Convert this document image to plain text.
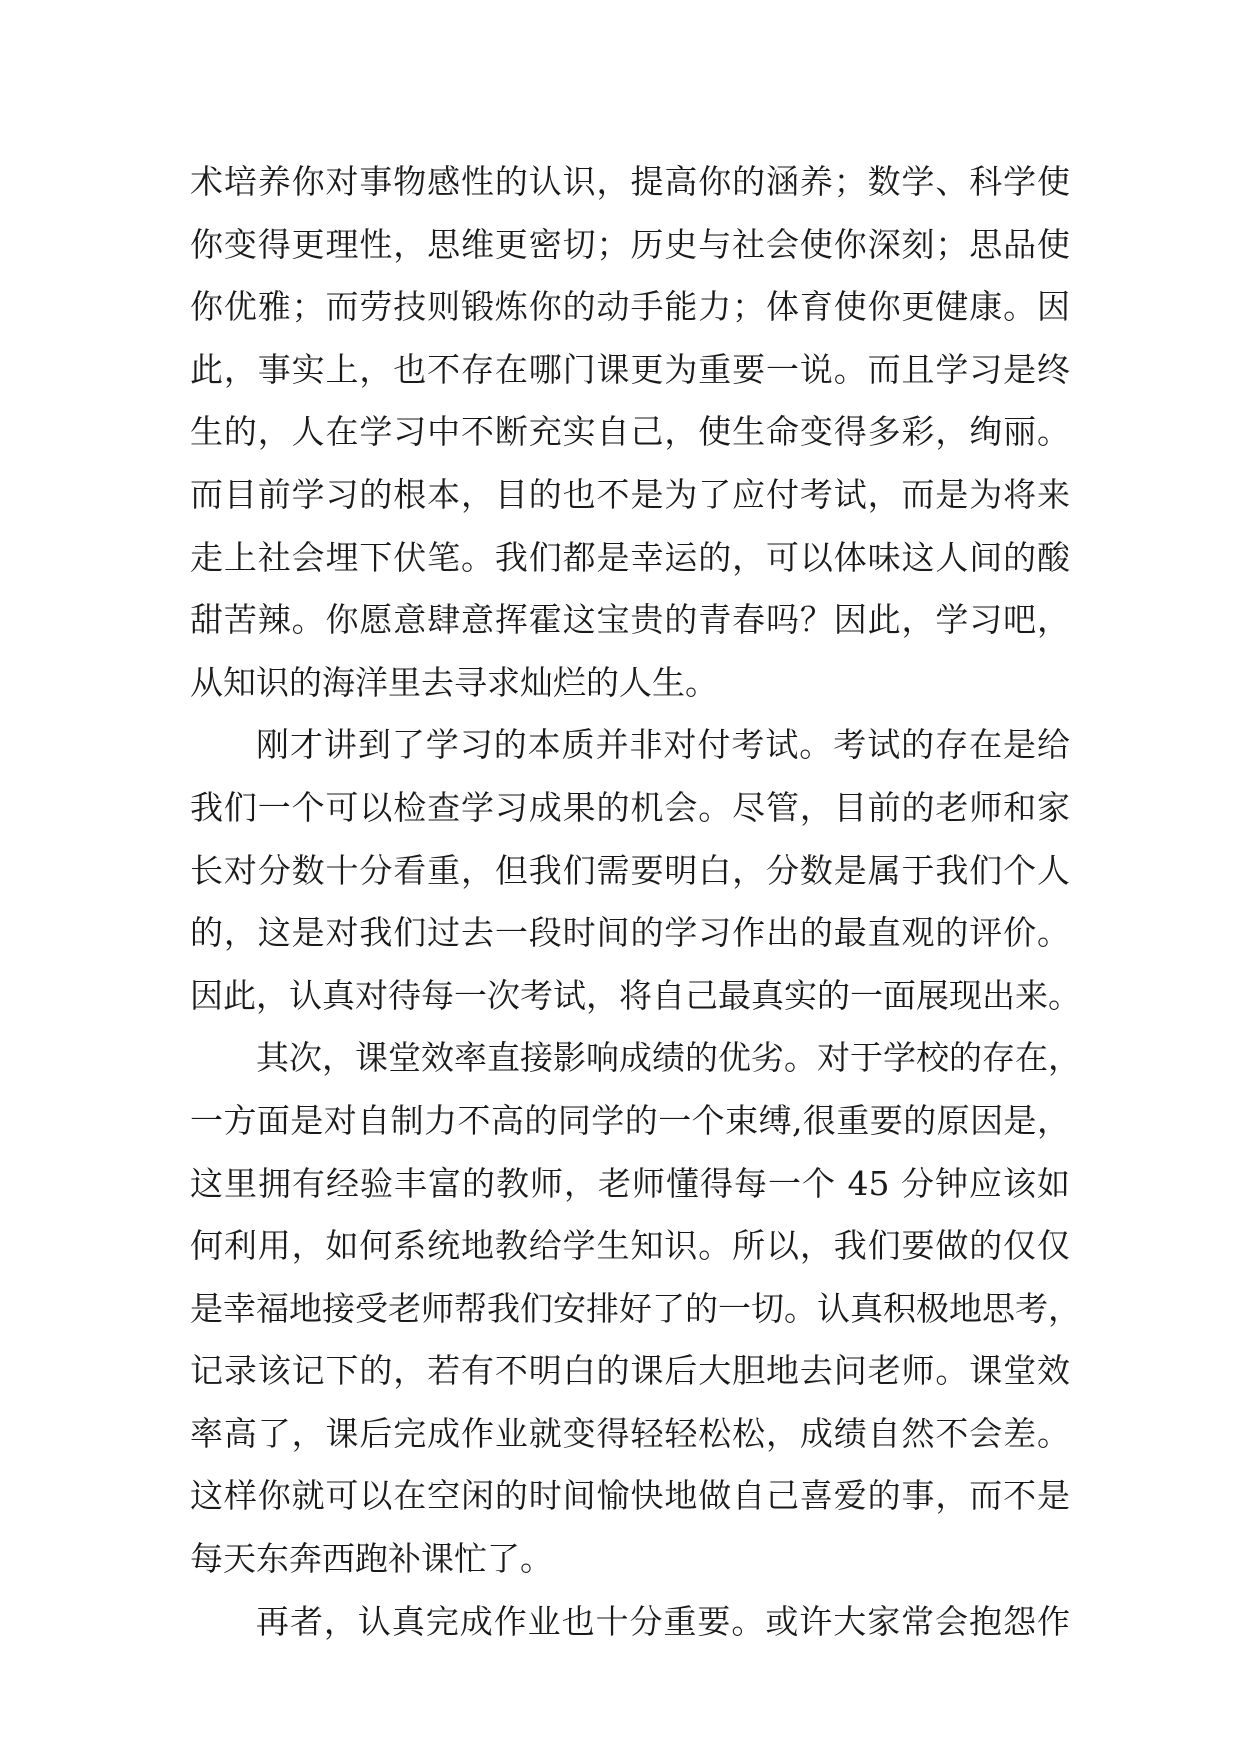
术培养你对事物感性的认识，提高你的涵养；数学、科学使
你变得更理性，思维更密切；历史与社会使你深刻；思品使
你优雅；而劳技则锻炼你的动手能力；体育使你更健康。因
此，事实上，也不存在哪门课更为重要一说。而且学习是终
生的，人在学习中不断充实自己，使生命变得多彩，绚丽。
而目前学习的根本，目的也不是为了应付考试，而是为将来
走上社会埋下伏笔。我们都是幸运的，可以体味这人间的酸
甜苦辣。你愿意肆意挥霍这宝贵的青春吗？因此，学习吧，
从知识的海洋里去寻求灿烂的人生。
刚才讲到了学习的本质并非对付考试。考试的存在是给
我们一个可以检查学习成果的机会。尽管，目前的老师和家
长对分数十分看重，但我们需要明白，分数是属于我们个人
的，这是对我们过去一段时间的学习作出的最直观的评价。
因此，认真对待每一次考试，将自己最真实的一面展现出来。
其次，课堂效率直接影响成绩的优劣。对于学校的存在，
一方面是对自制力不高的同学的一个束缚,很重要的原因是，
这里拥有经验丰富的教师，老师懂得每一个 45 分钟应该如
何利用，如何系统地教给学生知识。所以，我们要做的仅仅
是幸福地接受老师帮我们安排好了的一切。认真积极地思考，
记录该记下的，若有不明白的课后大胆地去问老师。课堂效
率高了，课后完成作业就变得轻轻松松，成绩自然不会差。
这样你就可以在空闲的时间愉快地做自己喜爱的事，而不是
每天东奔西跑补课忙了。
再者，认真完成作业也十分重要。或许大家常会抱怨作
